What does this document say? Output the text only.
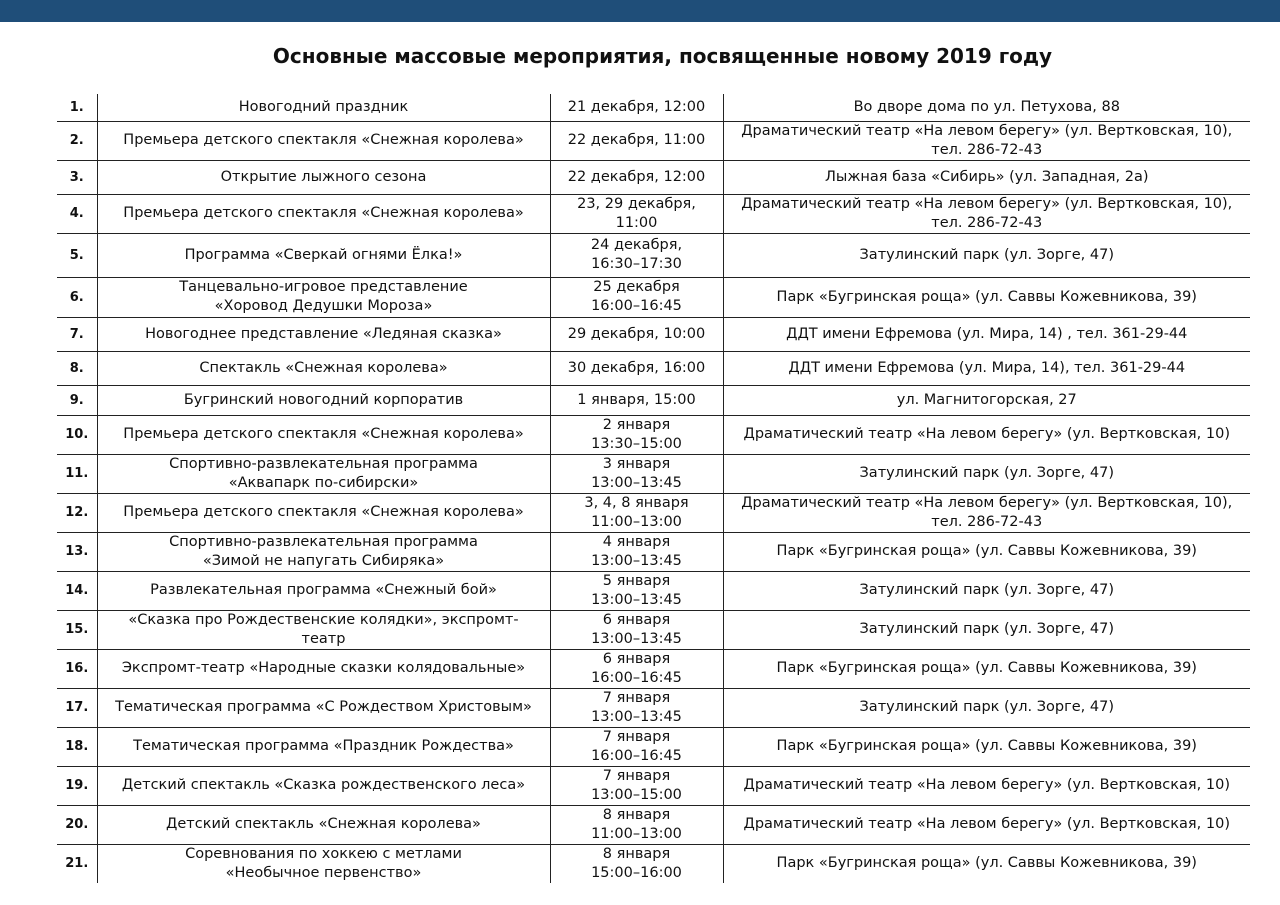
Основные массовые мероприятия, посвященные новому 2019 году
1.	Новогодний праздник	21 декабря, 12:00	Во дворе дома по ул. Петухова, 88
2.	Премьера детского спектакля «Снежная королева»	22 декабря, 11:00	Драматический театр «На левом берегу» (ул. Вертковская, 10),
тел. 286-72-43
3.	Открытие лыжного сезона	22 декабря, 12:00	Лыжная база «Сибирь» (ул. Западная, 2а)
4.	Премьера детского спектакля «Снежная королева»	23, 29 декабря,
11:00	Драматический театр «На левом берегу» (ул. Вертковская, 10),
тел. 286-72-43
5.	Программа «Сверкай огнями Ёлка!»	24 декабря,
16:30–17:30	Затулинский парк (ул. Зорге, 47)
6.	Танцевально-игровое представление
«Хоровод Дедушки Мороза»	25 декабря
16:00–16:45	Парк «Бугринская роща» (ул. Саввы Кожевникова, 39)
7.	Новогоднее представление «Ледяная сказка»	29 декабря, 10:00	ДДТ имени Ефремова (ул. Мира, 14) , тел. 361-29-44
8.	Спектакль «Снежная королева»	30 декабря, 16:00	ДДТ имени Ефремова (ул. Мира, 14), тел. 361-29-44
9.	Бугринский новогодний корпоратив	1 января, 15:00	ул. Магнитогорская, 27
10.	Премьера детского спектакля «Снежная королева»	2 января
13:30–15:00	Драматический театр «На левом берегу» (ул. Вертковская, 10)
11.	Спортивно-развлекательная программа
«Аквапарк по-сибирски»	3 января
13:00–13:45	Затулинский парк (ул. Зорге, 47)
12.	Премьера детского спектакля «Снежная королева»	3, 4, 8 января
11:00–13:00	Драматический театр «На левом берегу» (ул. Вертковская, 10),
тел. 286-72-43
13.	Спортивно-развлекательная программа
«Зимой не напугать Сибиряка»	4 января
13:00–13:45	Парк «Бугринская роща» (ул. Саввы Кожевникова, 39)
14.	Развлекательная программа «Снежный бой»	5 января
13:00–13:45	Затулинский парк (ул. Зорге, 47)
15.	«Сказка про Рождественские колядки», экспромт-
театр	6 января
13:00–13:45	Затулинский парк (ул. Зорге, 47)
16.	Экспромт-театр «Народные сказки колядовальные»	6 января
16:00–16:45	Парк «Бугринская роща» (ул. Саввы Кожевникова, 39)
17.	Тематическая программа «С Рождеством Христовым»	7 января
13:00–13:45	Затулинский парк (ул. Зорге, 47)
18.	Тематическая программа «Праздник Рождества»	7 января
16:00–16:45	Парк «Бугринская роща» (ул. Саввы Кожевникова, 39)
19.	Детский спектакль «Сказка рождественского леса»	7 января
13:00–15:00	Драматический театр «На левом берегу» (ул. Вертковская, 10)
20.	Детский спектакль «Снежная королева»	8 января
11:00–13:00	Драматический театр «На левом берегу» (ул. Вертковская, 10)
21.	Соревнования по хоккею с метлами
«Необычное первенство»	8 января
15:00–16:00	Парк «Бугринская роща» (ул. Саввы Кожевникова, 39)
